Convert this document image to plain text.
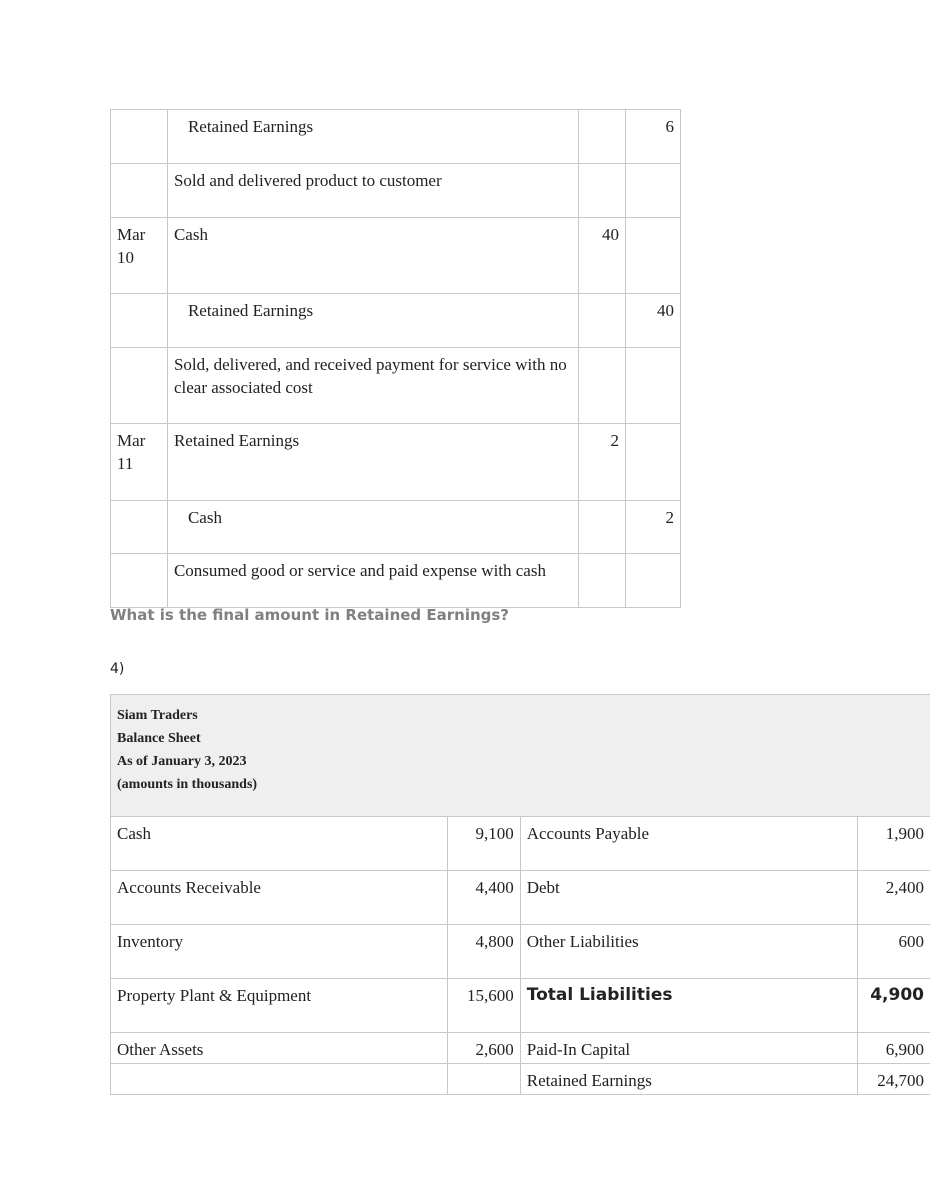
	Retained Earnings		6
	Sold and delivered product to customer		
Mar 10	Cash	40	
	Retained Earnings		40
	Sold, delivered, and received payment for service with no clear associated cost		
Mar 11	Retained Earnings	2	
	Cash		2
	Consumed good or service and paid expense with cash		

What is the final amount in Retained Earnings?

4)

Siam Traders
Balance Sheet
As of January 3, 2023
(amounts in thousands)			

Cash	9,100	Accounts Payable	1,900
Accounts Receivable	4,400	Debt	2,400
Inventory	4,800	Other Liabilities	600
Property Plant & Equipment	15,600	Total Liabilities	4,900
Other Assets	2,600	Paid-In Capital	6,900
		Retained Earnings	24,700
